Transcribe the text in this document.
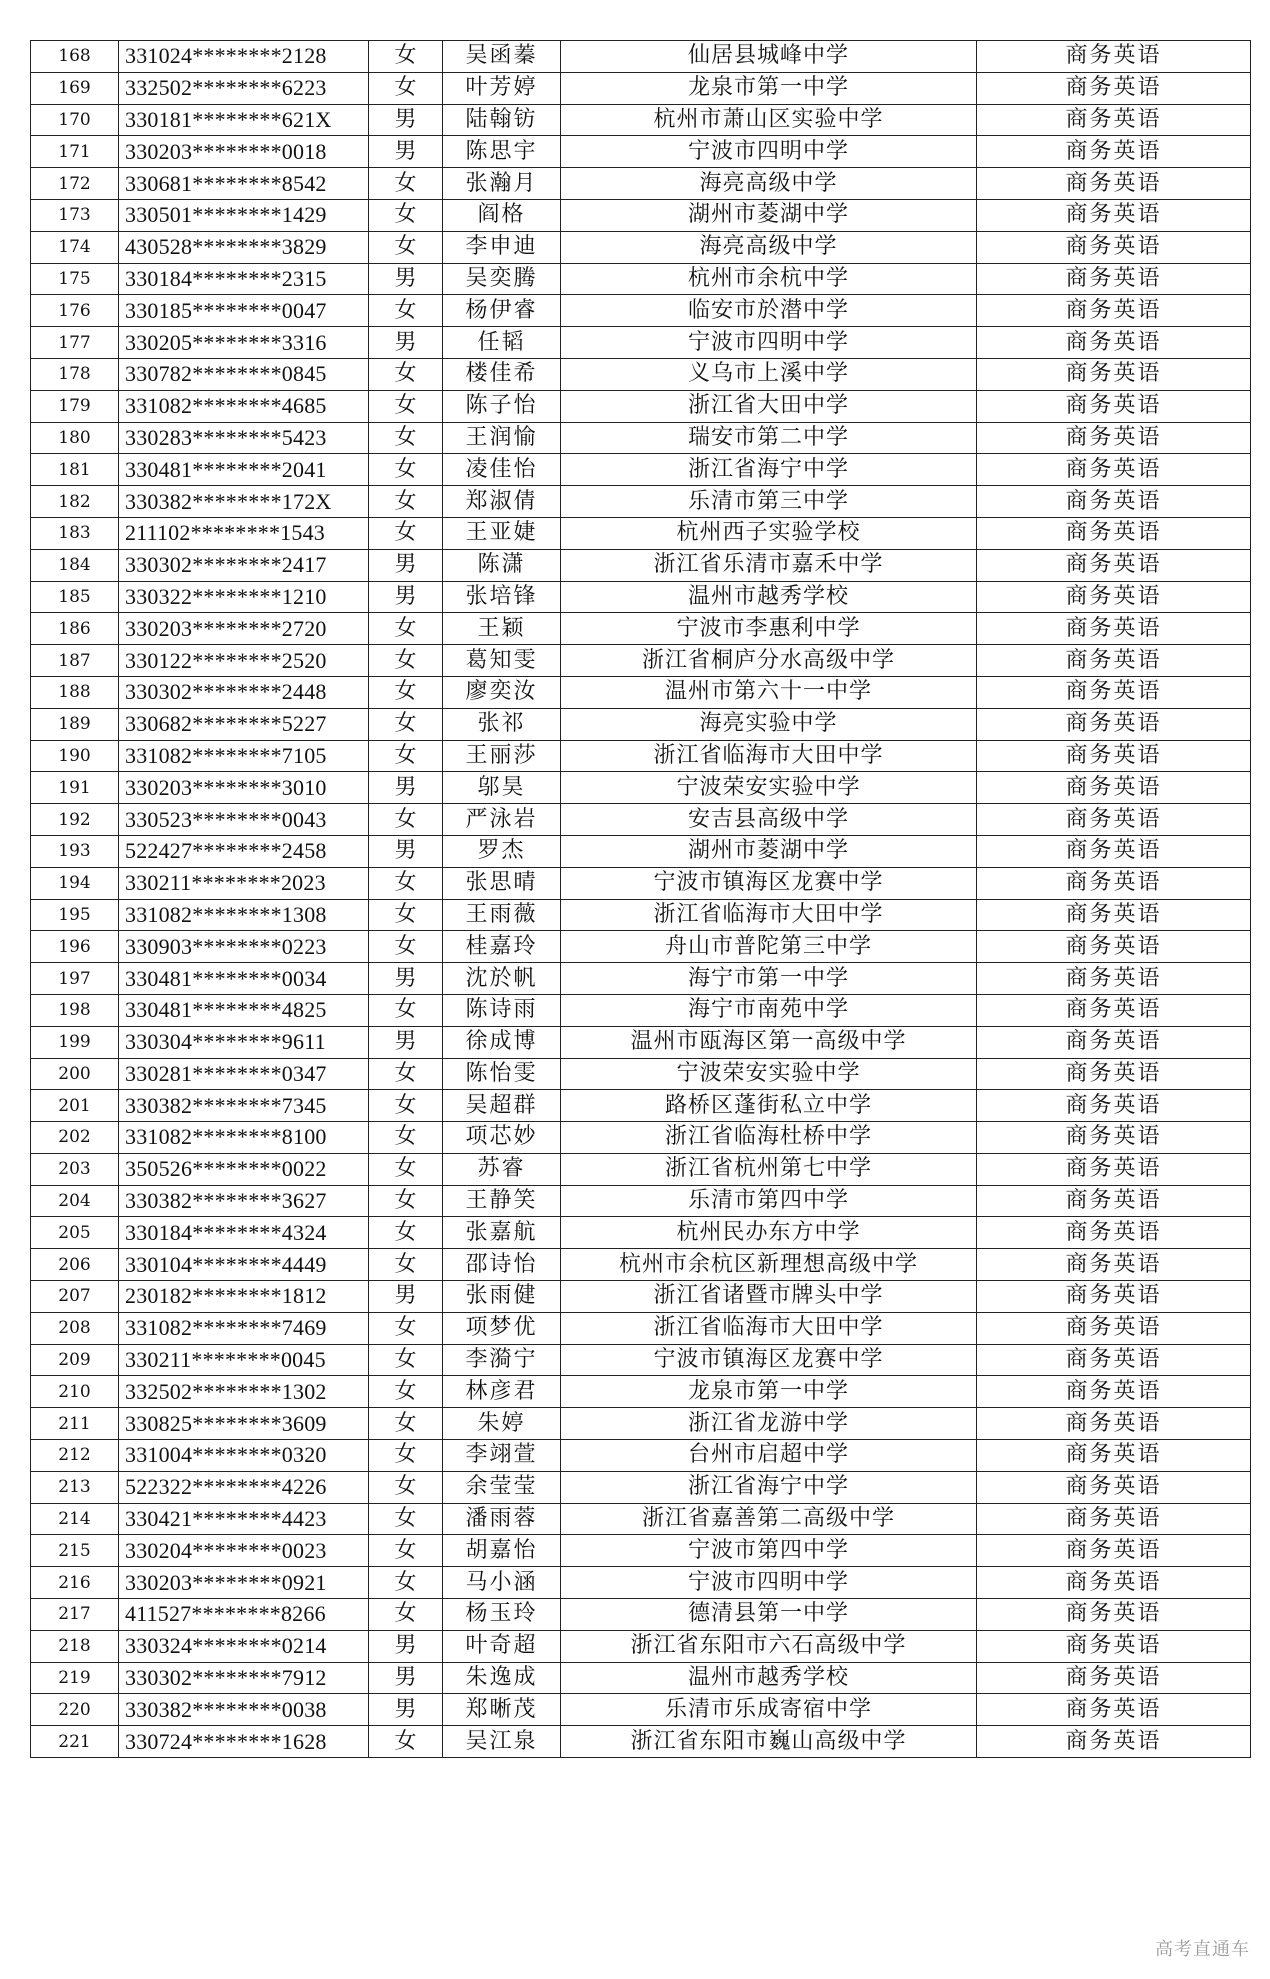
168	331024********2128	女	吴函蓁	仙居县城峰中学	商务英语
169	332502********6223	女	叶芳婷	龙泉市第一中学	商务英语
170	330181********621X	男	陆翰钫	杭州市萧山区实验中学	商务英语
171	330203********0018	男	陈思宇	宁波市四明中学	商务英语
172	330681********8542	女	张瀚月	海亮高级中学	商务英语
173	330501********1429	女	阎格	湖州市菱湖中学	商务英语
174	430528********3829	女	李申迪	海亮高级中学	商务英语
175	330184********2315	男	吴奕腾	杭州市余杭中学	商务英语
176	330185********0047	女	杨伊睿	临安市於潜中学	商务英语
177	330205********3316	男	任韬	宁波市四明中学	商务英语
178	330782********0845	女	楼佳希	义乌市上溪中学	商务英语
179	331082********4685	女	陈子怡	浙江省大田中学	商务英语
180	330283********5423	女	王润愉	瑞安市第二中学	商务英语
181	330481********2041	女	凌佳怡	浙江省海宁中学	商务英语
182	330382********172X	女	郑淑倩	乐清市第三中学	商务英语
183	211102********1543	女	王亚婕	杭州西子实验学校	商务英语
184	330302********2417	男	陈潇	浙江省乐清市嘉禾中学	商务英语
185	330322********1210	男	张培锋	温州市越秀学校	商务英语
186	330203********2720	女	王颖	宁波市李惠利中学	商务英语
187	330122********2520	女	葛知雯	浙江省桐庐分水高级中学	商务英语
188	330302********2448	女	廖奕汝	温州市第六十一中学	商务英语
189	330682********5227	女	张祁	海亮实验中学	商务英语
190	331082********7105	女	王丽莎	浙江省临海市大田中学	商务英语
191	330203********3010	男	邬昊	宁波荣安实验中学	商务英语
192	330523********0043	女	严泳岩	安吉县高级中学	商务英语
193	522427********2458	男	罗杰	湖州市菱湖中学	商务英语
194	330211********2023	女	张思晴	宁波市镇海区龙赛中学	商务英语
195	331082********1308	女	王雨薇	浙江省临海市大田中学	商务英语
196	330903********0223	女	桂嘉玲	舟山市普陀第三中学	商务英语
197	330481********0034	男	沈於帆	海宁市第一中学	商务英语
198	330481********4825	女	陈诗雨	海宁市南苑中学	商务英语
199	330304********9611	男	徐成博	温州市瓯海区第一高级中学	商务英语
200	330281********0347	女	陈怡雯	宁波荣安实验中学	商务英语
201	330382********7345	女	吴超群	路桥区蓬街私立中学	商务英语
202	331082********8100	女	项芯妙	浙江省临海杜桥中学	商务英语
203	350526********0022	女	苏睿	浙江省杭州第七中学	商务英语
204	330382********3627	女	王静笑	乐清市第四中学	商务英语
205	330184********4324	女	张嘉航	杭州民办东方中学	商务英语
206	330104********4449	女	邵诗怡	杭州市余杭区新理想高级中学	商务英语
207	230182********1812	男	张雨健	浙江省诸暨市牌头中学	商务英语
208	331082********7469	女	项梦优	浙江省临海市大田中学	商务英语
209	330211********0045	女	李漪宁	宁波市镇海区龙赛中学	商务英语
210	332502********1302	女	林彦君	龙泉市第一中学	商务英语
211	330825********3609	女	朱婷	浙江省龙游中学	商务英语
212	331004********0320	女	李翊萱	台州市启超中学	商务英语
213	522322********4226	女	余莹莹	浙江省海宁中学	商务英语
214	330421********4423	女	潘雨蓉	浙江省嘉善第二高级中学	商务英语
215	330204********0023	女	胡嘉怡	宁波市第四中学	商务英语
216	330203********0921	女	马小涵	宁波市四明中学	商务英语
217	411527********8266	女	杨玉玲	德清县第一中学	商务英语
218	330324********0214	男	叶奇超	浙江省东阳市六石高级中学	商务英语
219	330302********7912	男	朱逸成	温州市越秀学校	商务英语
220	330382********0038	男	郑晰茂	乐清市乐成寄宿中学	商务英语
221	330724********1628	女	吴江泉	浙江省东阳市巍山高级中学	商务英语
高考直通车
